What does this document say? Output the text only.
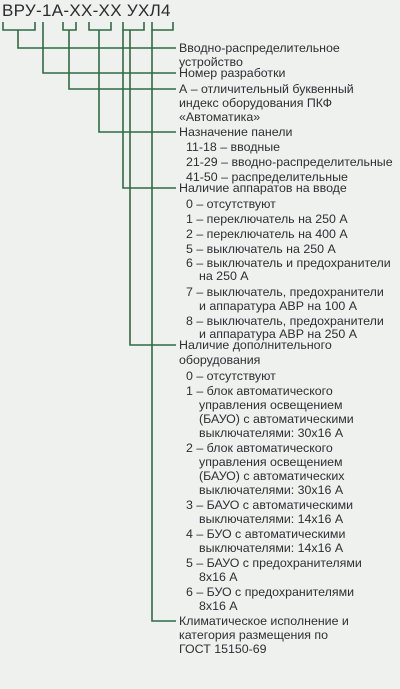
ВРУ-1А-ХХ-ХХ УХЛ4
Вводно-распределительное
устройство
Номер разработки
А – отличительный буквенный
индекс оборудования ПКФ
«Автоматика»
Назначение панели
11-18 – вводные
21-29 – вводно-распределительные
41-50 – распределительные
Наличие аппаратов на вводе
0 – отсутствуют
1 – переключатель на 250 А
2 – переключатель на 400 А
5 – выключатель на 250 А
6 – выключатель и предохранители
на 250 А
7 – выключатель, предохранители
и аппаратура АВР на 100 А
8 – выключатель, предохранители
и аппаратура АВР на 250 А
Наличие дополнительного
оборудования
0 – отсутствуют
1 – блок автоматического
управления освещением
(БАУО) с автоматическими
выключателями: 30х16 А
2 – блок автоматического
управления освещением
(БАУО) с автоматических
выключателями: 30х16 А
3 – БАУО с автоматическими
выключателями: 14х16 А
4 – БУО с автоматическими
выключателями: 14х16 А
5 – БАУО с предохранителями
8х16 А
6 – БУО с предохранителями
8х16 А
Климатическое исполнение и
категория размещения по
ГОСТ 15150-69
